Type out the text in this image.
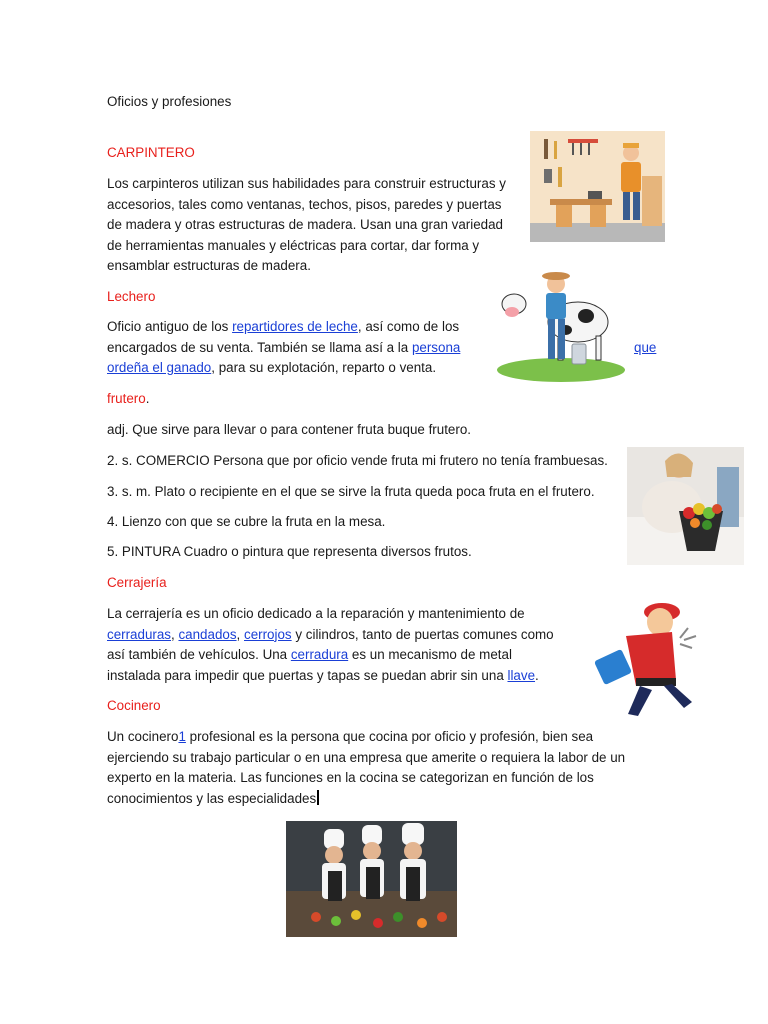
Oficios y profesiones

CARPINTERO

Los carpinteros utilizan sus habilidades para construir estructuras y accesorios, tales como ventanas, techos, pisos, paredes y puertas de madera y otras estructuras de madera. Usan una gran variedad de herramientas manuales y eléctricas para cortar, dar forma y ensamblar estructuras de madera.

Lechero

Oficio antiguo de los repartidores de leche, así como de los encargados de su venta. También se llama así a la persona	que

ordeña el ganado, para su explotación, reparto o venta.

frutero.

adj. Que sirve para llevar o para contener fruta buque frutero.

2. s. COMERCIO Persona que por oficio vende fruta mi frutero no tenía frambuesas.

3. s. m. Plato o recipiente en el que se sirve la fruta queda poca fruta en el frutero.

4. Lienzo con que se cubre la fruta en la mesa.

5. PINTURA Cuadro o pintura que representa diversos frutos.

Cerrajería

La cerrajería es un oficio dedicado a la reparación y mantenimiento de cerraduras, candados, cerrojos y cilindros, tanto de puertas comunes como así también de vehículos. Una cerradura es un mecanismo de metal instalada para impedir que puertas y tapas se puedan abrir sin una llave.

Cocinero

Un cocinero1 profesional es la persona que cocina por oficio y profesión, bien sea ejerciendo su trabajo particular o en una empresa que amerite o requiera la labor de un experto en la materia. Las funciones en la cocina se categorizan en función de los conocimientos y las especialidades
